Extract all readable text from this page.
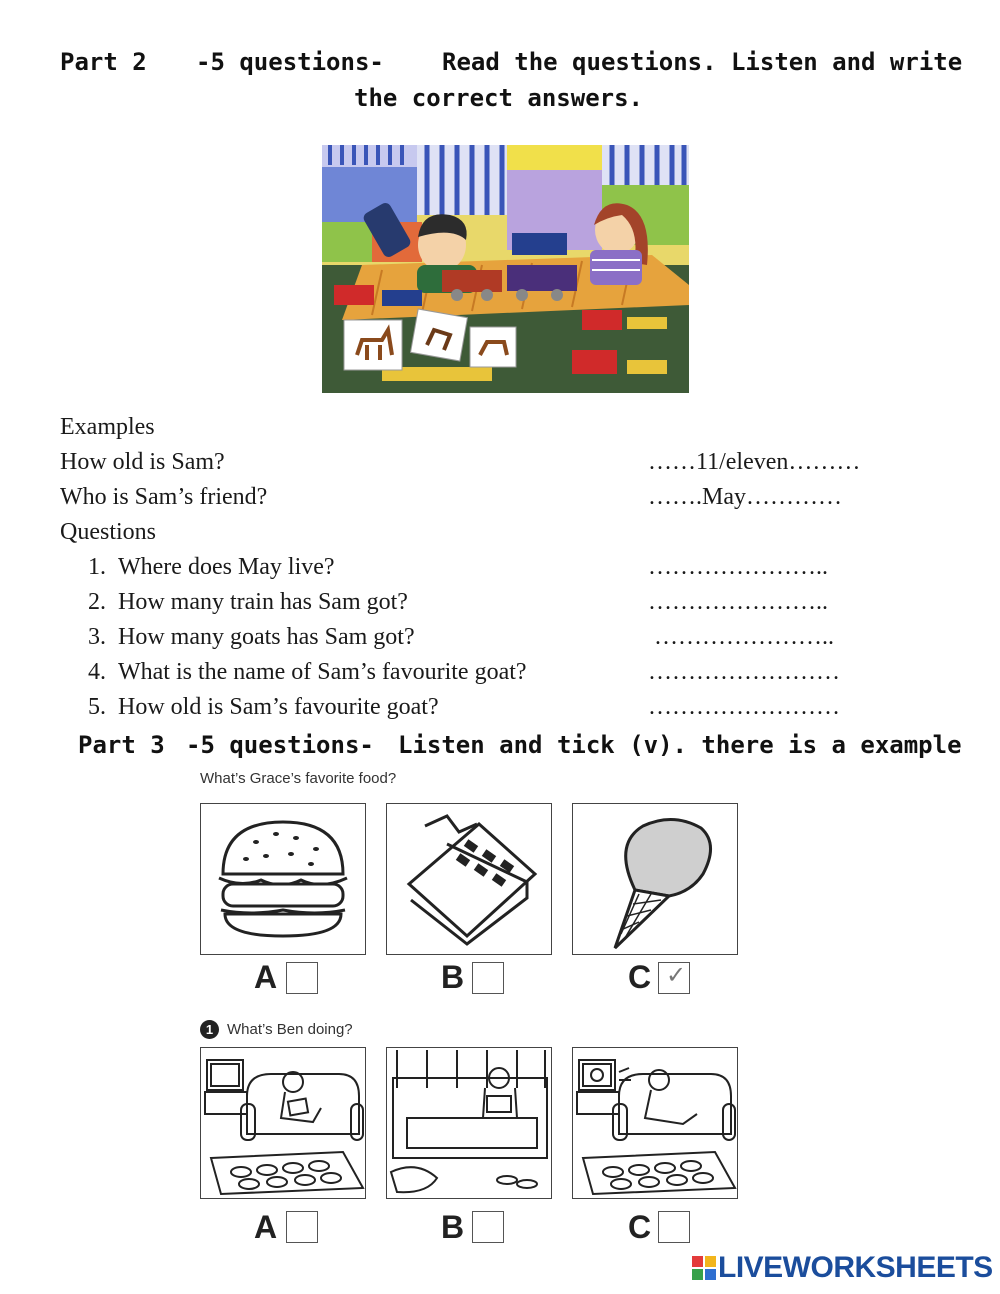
Part 2 -5 questions- Read the questions. Listen and write
the correct answers.
Examples
How old is Sam?	……11/eleven………
Who is Sam’s friend?	…….May…………
Questions
1. Where does May live?	…………………..
2. How many train has Sam got?	…………………..
3. How many goats has Sam got?	…………………..
4. What is the name of Sam’s favourite goat?	……………………
5. How old is Sam’s favourite goat?	……………………
Part 3 -5 questions- Listen and tick (v). there is a example
What’s Grace’s favorite food?
A	B	C ✓
1 What’s Ben doing?
A	B	C
LIVEWORKSHEETS
